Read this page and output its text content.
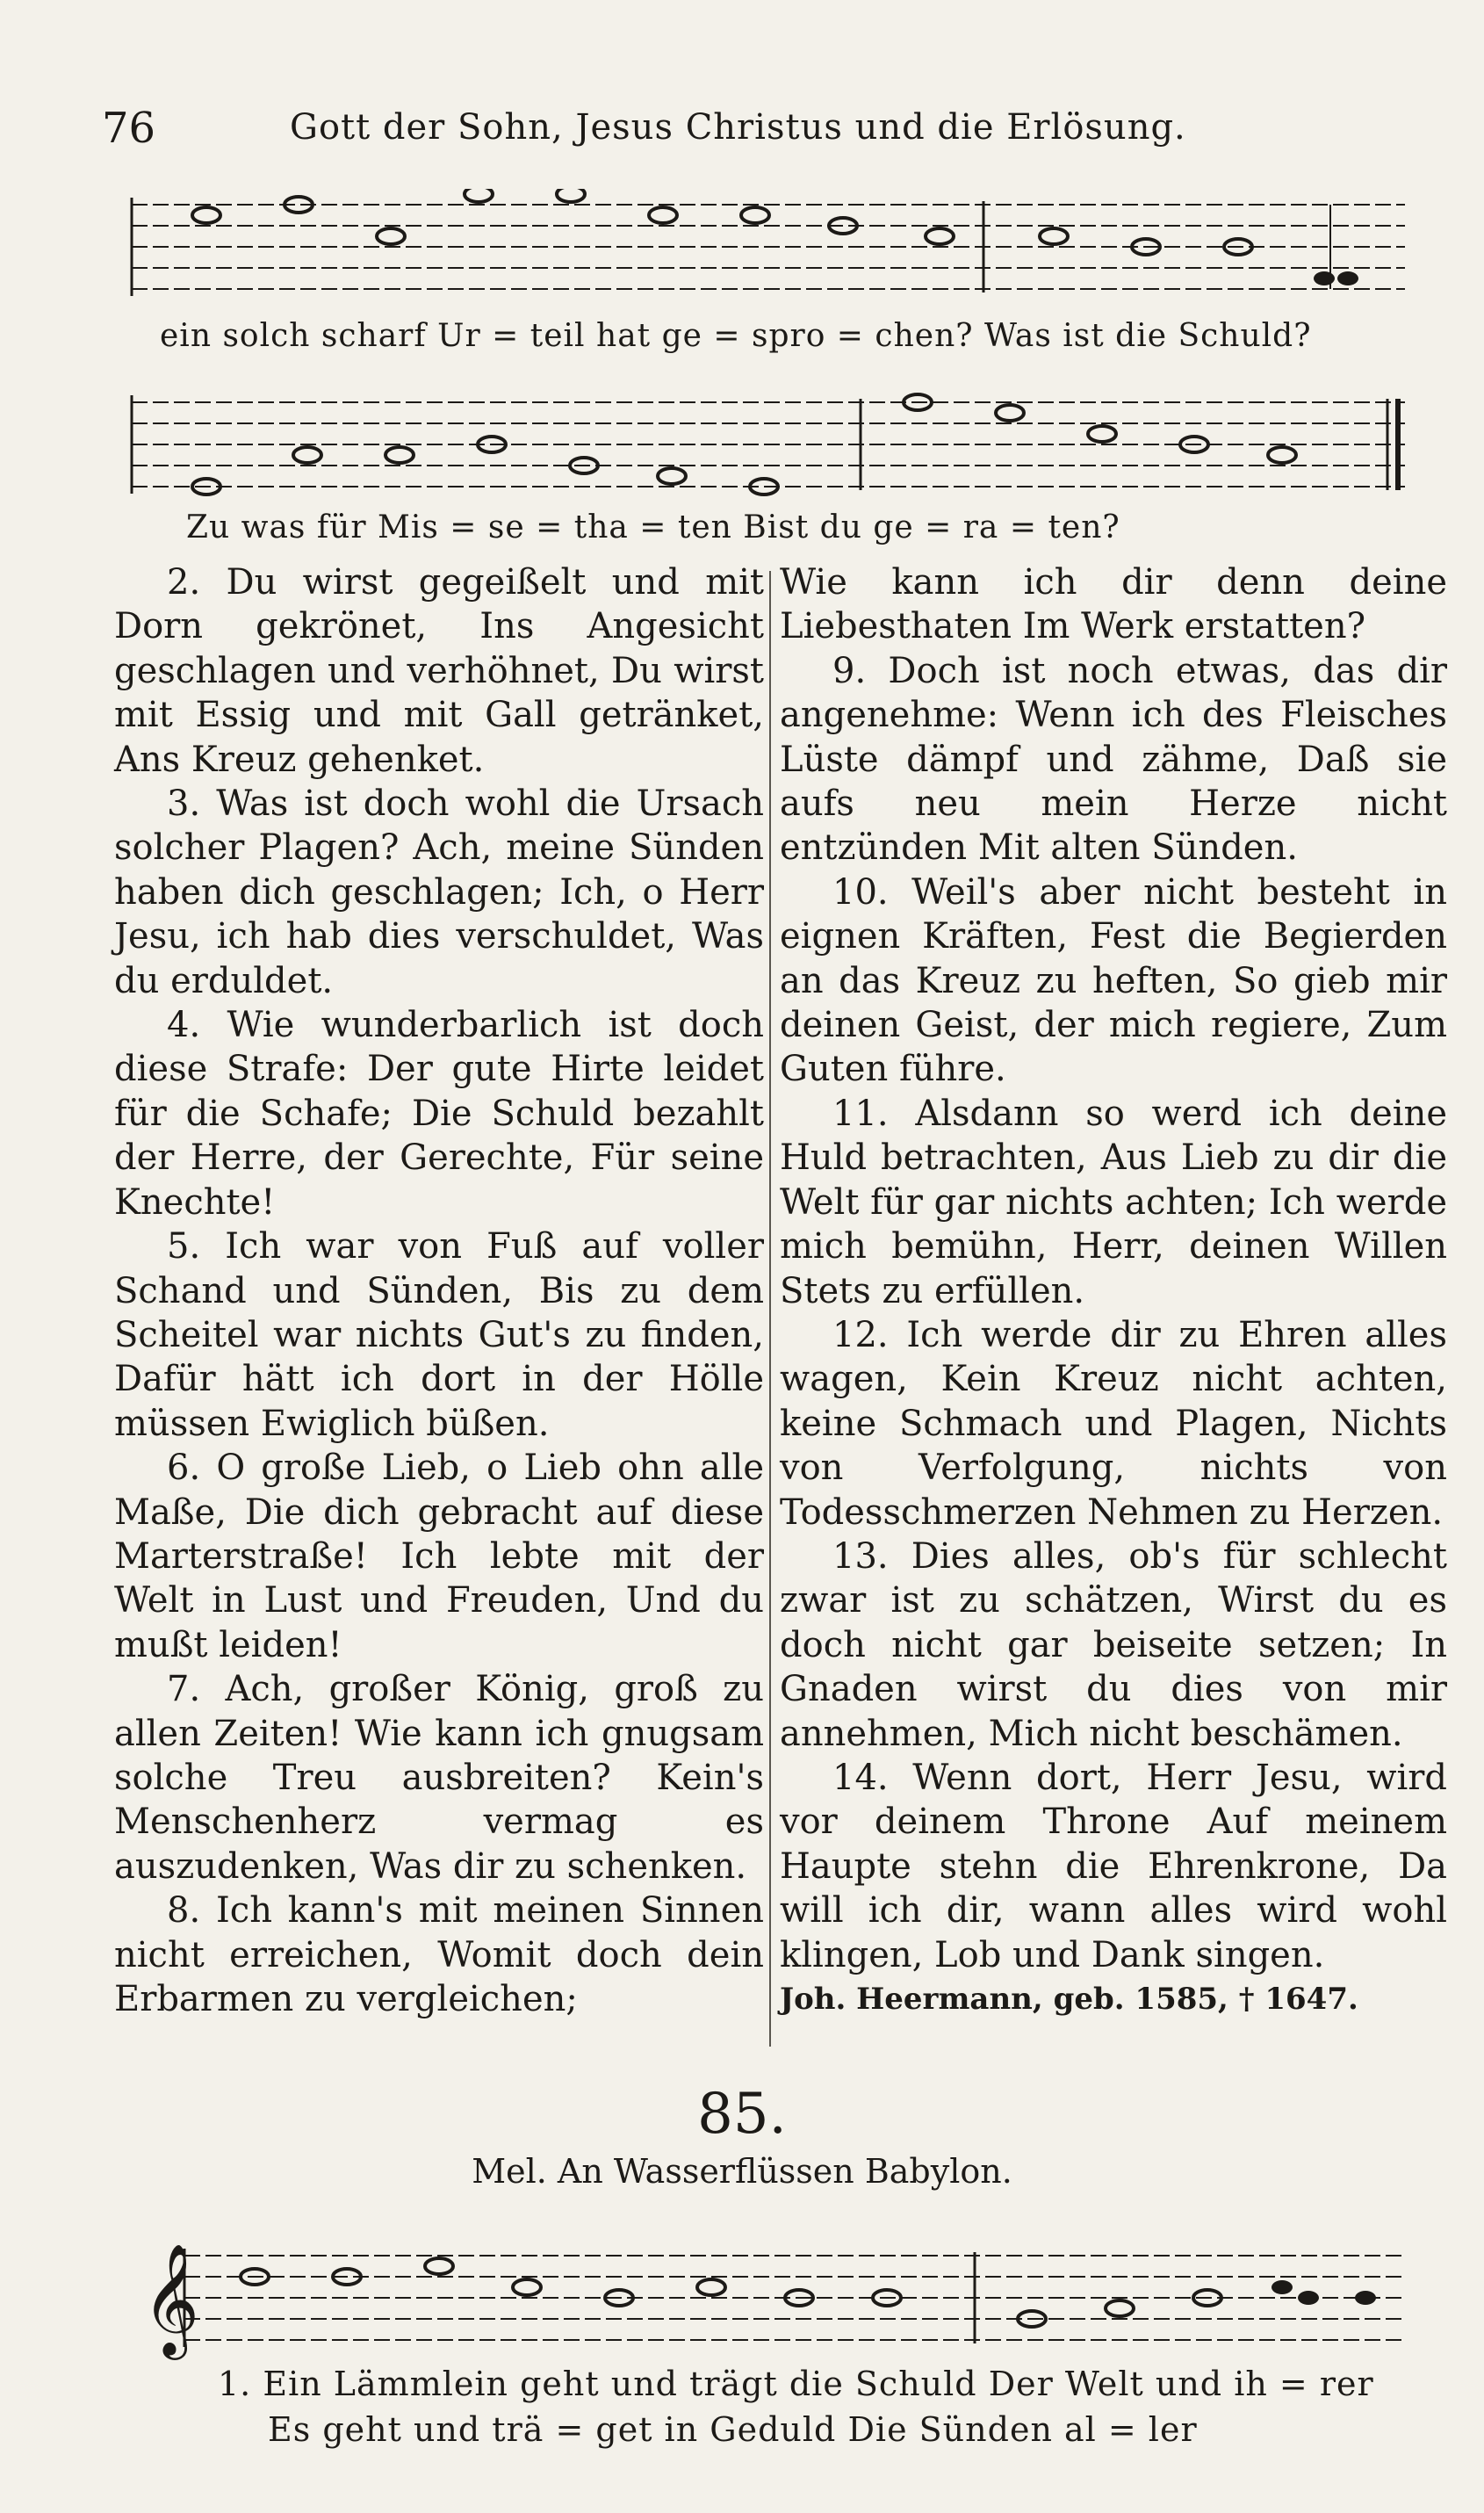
76	Gott der Sohn, Jesus Christus und die Erlösung.
ein solch scharf Ur = teil hat ge = spro = chen? Was ist die Schuld?
Zu was für Mis = se = tha = ten Bist du ge = ra = ten?

2. Du wirst gegeißelt und mit Dorn gekrönet, Ins Angesicht geschlagen und verhöhnet, Du wirst mit Essig und mit Gall getränket, Ans Kreuz gehenket.

3. Was ist doch wohl die Ursach solcher Plagen? Ach, meine Sünden haben dich geschlagen; Ich, o Herr Jesu, ich hab dies verschuldet, Was du erduldet.

4. Wie wunderbarlich ist doch diese Strafe: Der gute Hirte leidet für die Schafe; Die Schuld bezahlt der Herre, der Gerechte, Für seine Knechte!

5. Ich war von Fuß auf voller Schand und Sünden, Bis zu dem Scheitel war nichts Gut's zu finden, Dafür hätt ich dort in der Hölle müssen Ewiglich büßen.

6. O große Lieb, o Lieb ohn alle Maße, Die dich gebracht auf diese Marterstraße! Ich lebte mit der Welt in Lust und Freuden, Und du mußt leiden!

7. Ach, großer König, groß zu allen Zeiten! Wie kann ich gnugsam solche Treu ausbreiten? Kein's Menschenherz vermag es auszudenken, Was dir zu schenken.

8. Ich kann's mit meinen Sinnen nicht erreichen, Womit doch dein Erbarmen zu vergleichen;

Wie kann ich dir denn deine Liebesthaten Im Werk erstatten?

9. Doch ist noch etwas, das dir angenehme: Wenn ich des Fleisches Lüste dämpf und zähme, Daß sie aufs neu mein Herze nicht entzünden Mit alten Sünden.

10. Weil's aber nicht besteht in eignen Kräften, Fest die Begierden an das Kreuz zu heften, So gieb mir deinen Geist, der mich regiere, Zum Guten führe.

11. Alsdann so werd ich deine Huld betrachten, Aus Lieb zu dir die Welt für gar nichts achten; Ich werde mich bemühn, Herr, deinen Willen Stets zu erfüllen.

12. Ich werde dir zu Ehren alles wagen, Kein Kreuz nicht achten, keine Schmach und Plagen, Nichts von Verfolgung, nichts von Todesschmerzen Nehmen zu Herzen.

13. Dies alles, ob's für schlecht zwar ist zu schätzen, Wirst du es doch nicht gar beiseite setzen; In Gnaden wirst du dies von mir annehmen, Mich nicht beschämen.

14. Wenn dort, Herr Jesu, wird vor deinem Throne Auf meinem Haupte stehn die Ehrenkrone, Da will ich dir, wann alles wird wohl klingen, Lob und Dank singen.

Joh. Heermann, geb. 1585, † 1647.

85.
Mel. An Wasserflüssen Babylon.
𝄞
1. Ein Lämmlein geht und trägt die Schuld Der Welt und ih = rer
Es geht und trä = get in Geduld Die Sünden al = ler
